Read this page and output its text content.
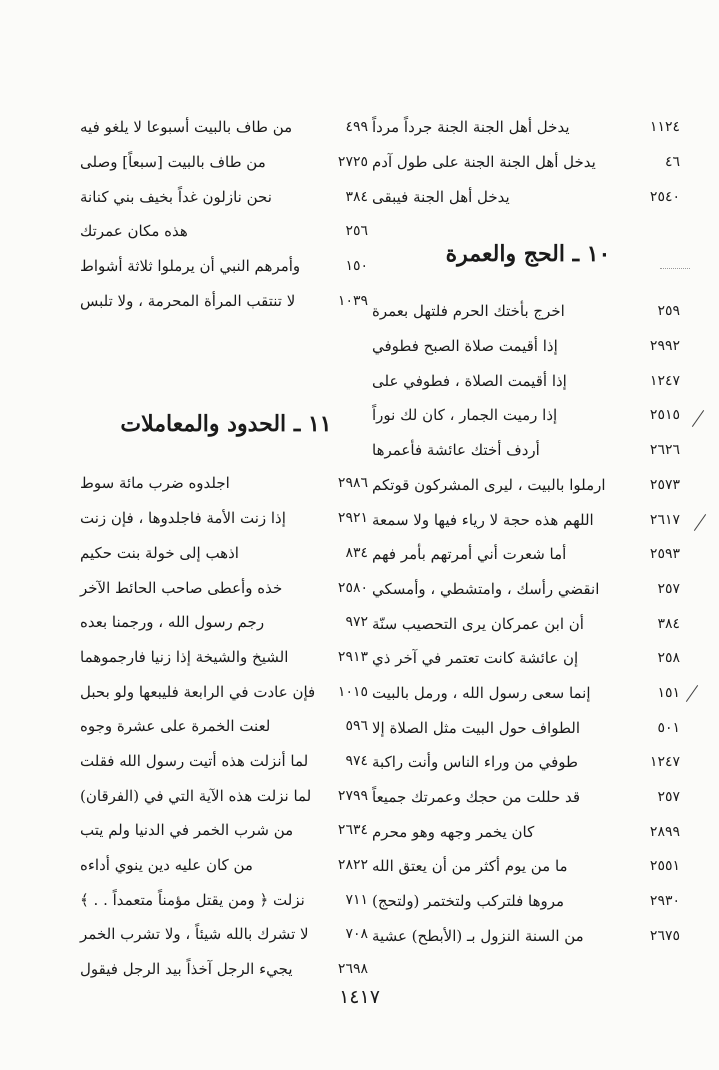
يدخل أهل الجنة الجنة جرداً مرداً	١١٢٤
يدخل أهل الجنة الجنة على طول آدم	٤٦
يدخل أهل الجنة فيبقى	٢٥٤٠
١٠ ـ الحج والعمرة
اخرج بأختك الحرم فلتهل بعمرة	٢٥٩
إذا أقيمت صلاة الصبح فطوفي	٢٩٩٢
إذا أقيمت الصلاة ، فطوفي على	١٢٤٧
إذا رميت الجمار ، كان لك نوراً	٢٥١٥
أردف أختك عائشة فأعمرها	٢٦٢٦
ارملوا بالبيت ، ليرى المشركون قوتكم	٢٥٧٣
اللهم هذه حجة لا رياء فيها ولا سمعة	٢٦١٧
أما شعرت أني أمرتهم بأمر فهم	٢٥٩٣
انقضي رأسك ، وامتشطي ، وأمسكي	٢٥٧
أن ابن عمركان يرى التحصيب سنّة	٣٨٤
إن عائشة كانت تعتمر في آخر ذي	٢٥٨
إنما سعى رسول الله ، ورمل بالبيت	١٥١
الطواف حول البيت مثل الصلاة إلا	٥٠١
طوفي من وراء الناس وأنت راكبة	١٢٤٧
قد حللت من حجك وعمرتك جميعاً	٢٥٧
كان يخمر وجهه وهو محرم	٢٨٩٩
ما من يوم أكثر من أن يعتق الله	٢٥٥١
مروها فلتركب ولتختمر (ولتحج)	٢٩٣٠
من السنة النزول بـ (الأبطح) عشية	٢٦٧٥
من طاف بالبيت أسبوعا لا يلغو فيه	٤٩٩
من طاف بالبيت [سبعاً] وصلى	٢٧٢٥
نحن نازلون غداً بخيف بني كنانة	٣٨٤
هذه مكان عمرتك	٢٥٦
وأمرهم النبي أن يرملوا ثلاثة أشواط	١٥٠
لا تنتقب المرأة المحرمة ، ولا تلبس	١٠٣٩
١١ ـ الحدود والمعاملات
اجلدوه ضرب مائة سوط	٢٩٨٦
إذا زنت الأمة فاجلدوها ، فإن زنت	٢٩٢١
اذهب إلى خولة بنت حكيم	٨٣٤
خذه وأعطى صاحب الحائط الآخر	٢٥٨٠
رجم رسول الله ، ورجمنا بعده	٩٧٢
الشيخ والشيخة إذا زنيا فارجموهما	٢٩١٣
فإن عادت في الرابعة فليبعها ولو بحبل ١٠١٥
لعنت الخمرة على عشرة وجوه	٥٩٦
لما أنزلت هذه أتيت رسول الله فقلت	٩٧٤
لما نزلت هذه الآية التي في (الفرقان) ٢٧٩٩
من شرب الخمر في الدنيا ولم يتب	٢٦٣٤
من كان عليه دين ينوي أداءه	٢٨٢٢
نزلت ﴿ ومن يقتل مؤمناً متعمداً . . ﴾	٧١١
لا تشرك بالله شيئاً ، ولا تشرب الخمر	٧٠٨
يجيء الرجل آخذاً بيد الرجل فيقول	٢٦٩٨
١٤١٧
